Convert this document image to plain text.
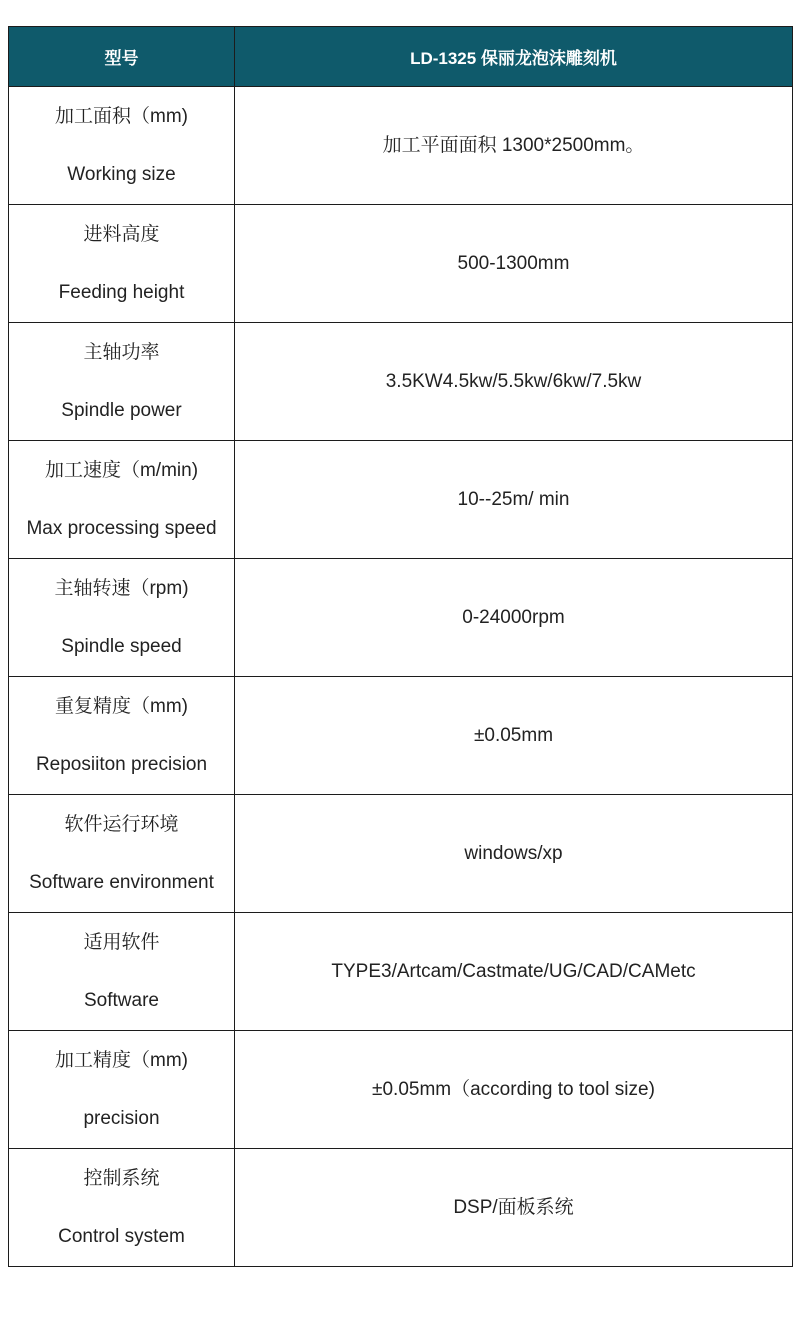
型号	LD-1325 保丽龙泡沫雕刻机

加工面积（mm)
Working size	加工平面面积 1300*2500mm。

进料高度
Feeding height	500-1300mm

主轴功率
Spindle power	3.5KW4.5kw/5.5kw/6kw/7.5kw

加工速度（m/min)
Max processing speed	10--25m/ min

主轴转速（rpm)
Spindle speed	0-24000rpm

重复精度（mm)
Reposiiton precision	±0.05mm

软件运行环境
Software environment	windows/xp

适用软件
Software	TYPE3/Artcam/Castmate/UG/CAD/CAMetc

加工精度（mm)
precision	±0.05mm（according to tool size)

控制系统
Control system	DSP/面板系统
